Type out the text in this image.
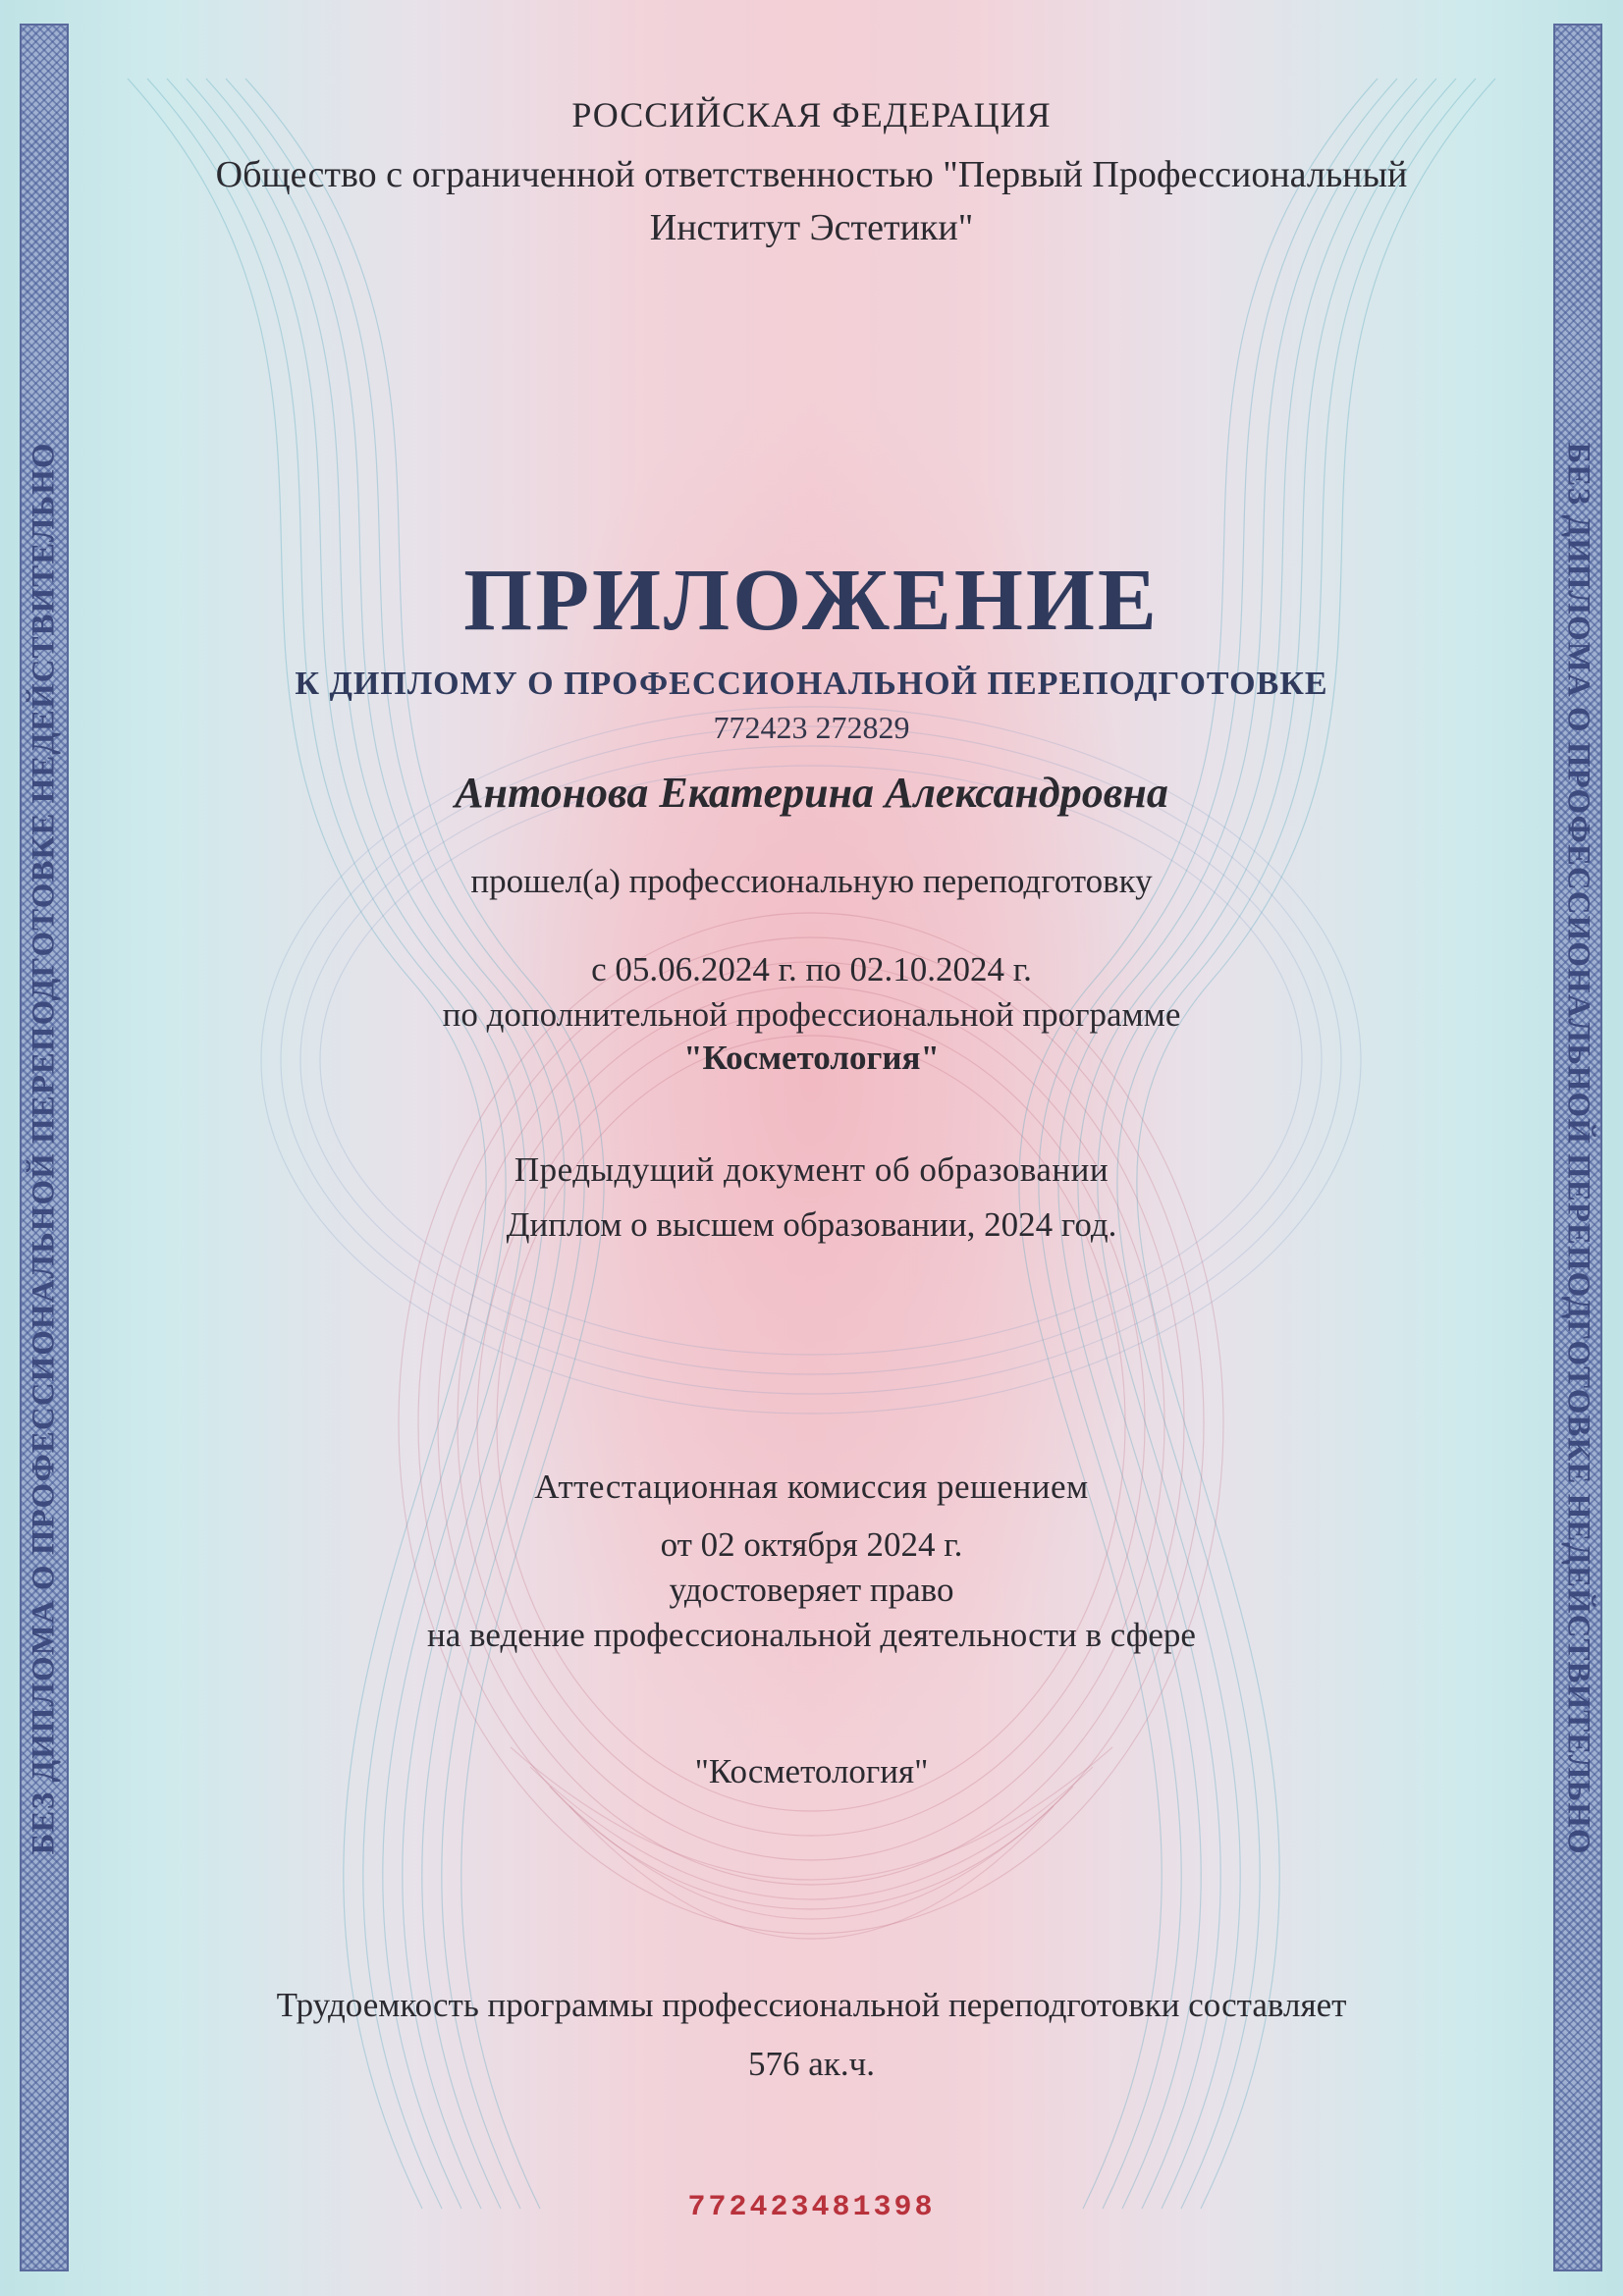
БЕЗ ДИПЛОМА О ПРОФЕССИОНАЛЬНОЙ ПЕРЕПОДГОТОВКЕ НЕДЕЙСТВИТЕЛЬНО	БЕЗ ДИПЛОМА О ПРОФЕССИОНАЛЬНОЙ ПЕРЕПОДГОТОВКЕ НЕДЕЙСТВИТЕЛЬНО
РОССИЙСКАЯ ФЕДЕРАЦИЯ
Общество с ограниченной ответственностью "Первый Профессиональный
Институт Эстетики"
ПРИЛОЖЕНИЕ
К ДИПЛОМУ О ПРОФЕССИОНАЛЬНОЙ ПЕРЕПОДГОТОВКЕ
772423 272829
Антонова Екатерина Александровна
прошел(а) профессиональную переподготовку
с 05.06.2024 г. по 02.10.2024 г.
по дополнительной профессиональной программе
"Косметология"
Предыдущий документ об образовании
Диплом о высшем образовании, 2024 год.
Аттестационная комиссия решением
от 02 октября 2024 г.
удостоверяет право
на ведение профессиональной деятельности в сфере
"Косметология"
Трудоемкость программы профессиональной переподготовки составляет
576 ак.ч.
772423481398
